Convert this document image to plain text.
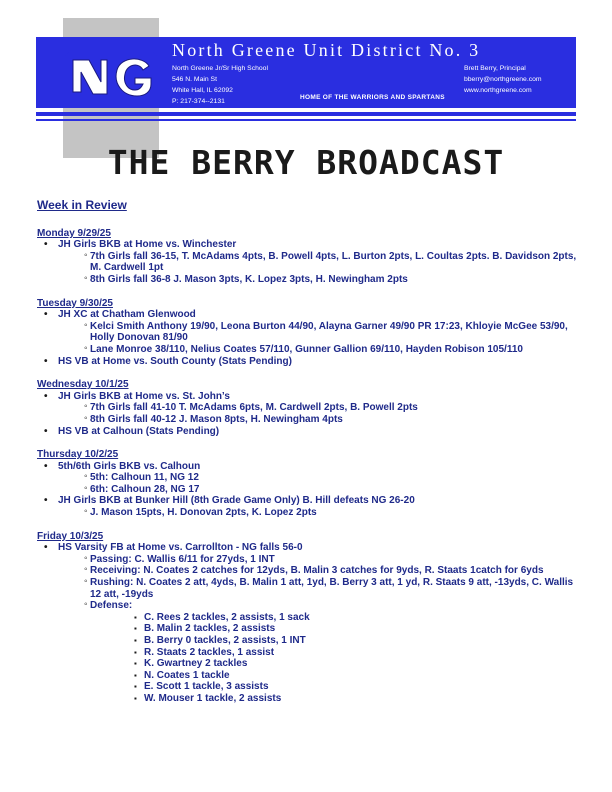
North Greene Unit District No. 3
North Greene Jr/Sr High School
546 N. Main St
White Hall, IL 62092
P: 217-374--2131
Brett Berry, Principal
bberry@northgreene.com
www.northgreene.com
HOME OF THE WARRIORS AND SPARTANS
THE BERRY BROADCAST
Week in Review
Monday 9/29/25
• JH Girls BKB at Home vs. Winchester
◦ 7th Girls fall 36-15, T. McAdams 4pts, B. Powell 4pts, L. Burton 2pts, L. Coultas 2pts. B. Davidson 2pts, M. Cardwell 1pt
◦ 8th Girls fall 36-8 J. Mason 3pts, K. Lopez 3pts, H. Newingham 2pts
Tuesday 9/30/25
• JH XC at Chatham Glenwood
◦ Kelci Smith Anthony 19/90, Leona Burton 44/90, Alayna Garner 49/90 PR 17:23, Khloyie McGee 53/90, Holly Donovan 81/90
◦ Lane Monroe 38/110, Nelius Coates 57/110, Gunner Gallion 69/110, Hayden Robison 105/110
• HS VB at Home vs. South County (Stats Pending)
Wednesday 10/1/25
• JH Girls BKB at Home vs. St. John’s
◦ 7th Girls fall 41-10 T. McAdams 6pts, M. Cardwell 2pts, B. Powell 2pts
◦ 8th Girls fall 40-12 J. Mason 8pts, H. Newingham 4pts
• HS VB at Calhoun (Stats Pending)
Thursday 10/2/25
• 5th/6th Girls BKB vs. Calhoun
◦ 5th: Calhoun 11, NG 12
◦ 6th: Calhoun 28, NG 17
• JH Girls BKB at Bunker Hill (8th Grade Game Only) B. Hill defeats NG 26-20
◦ J. Mason 15pts, H. Donovan 2pts, K. Lopez 2pts
Friday 10/3/25
• HS Varsity FB at Home vs. Carrollton - NG falls 56-0
◦ Passing: C. Wallis 6/11 for 27yds, 1 INT
◦ Receiving: N. Coates 2 catches for 12yds, B. Malin 3 catches for 9yds, R. Staats 1catch for 6yds
◦ Rushing: N. Coates 2 att, 4yds, B. Malin 1 att, 1yd, B. Berry 3 att, 1 yd, R. Staats 9 att, -13yds, C. Wallis 12 att, -19yds
◦ Defense:
▪ C. Rees 2 tackles, 2 assists, 1 sack
▪ B. Malin 2 tackles, 2 assists
▪ B. Berry 0 tackles, 2 assists, 1 INT
▪ R. Staats 2 tackles, 1 assist
▪ K. Gwartney 2 tackles
▪ N. Coates 1 tackle
▪ E. Scott 1 tackle, 3 assists
▪ W. Mouser 1 tackle, 2 assists
